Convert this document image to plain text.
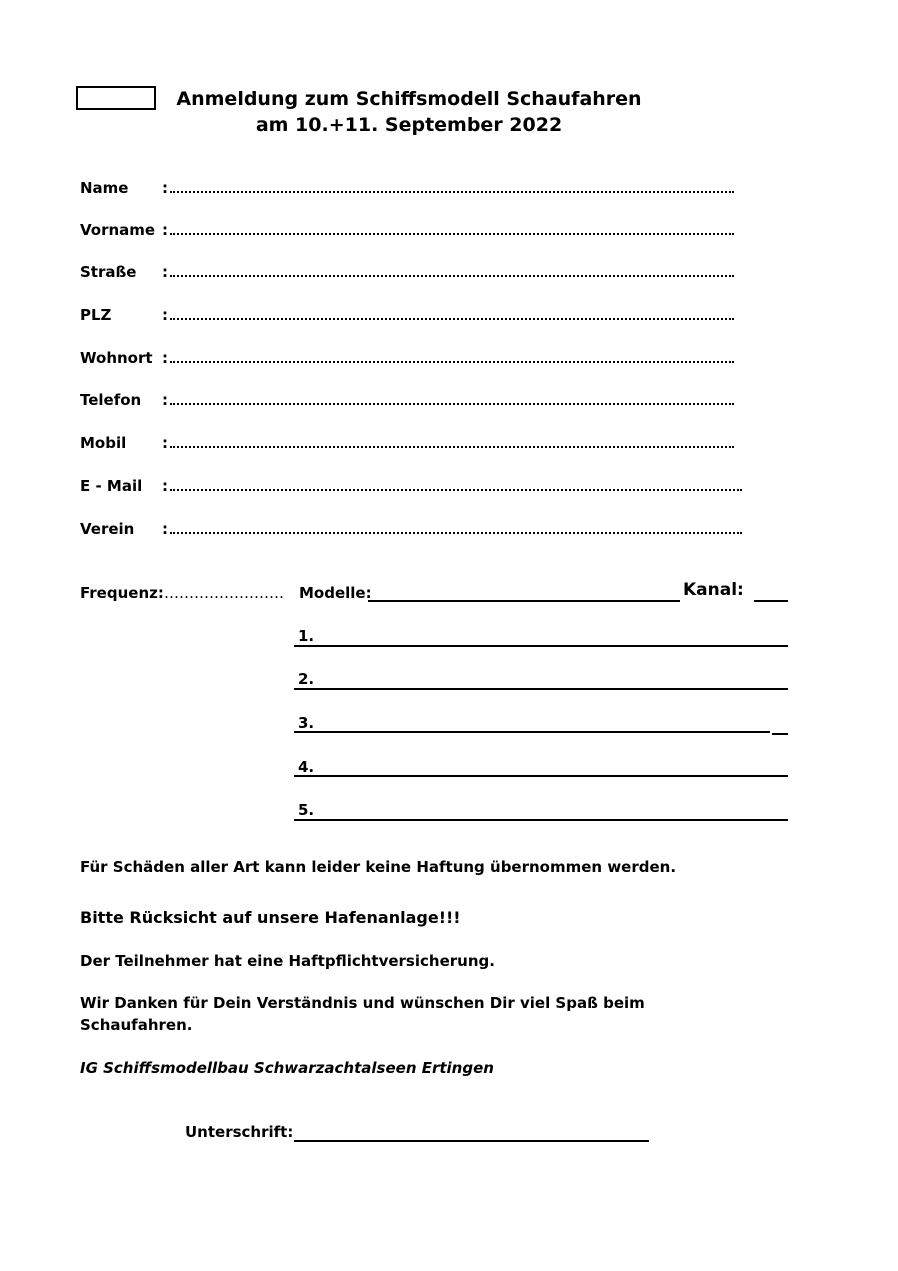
Anmeldung zum Schiffsmodell Schaufahren
am 10.+11. September 2022
Name :
Vorname :
Straße :
PLZ	:
Wohnort :
Telefon :
Mobil :
E - Mail :
Verein :
Frequenz: …………………… Modelle:	Kanal:
1.
2.
3.
4.
5.
Für Schäden aller Art kann leider keine Haftung übernommen werden.
Bitte Rücksicht auf unsere Hafenanlage!!!
Der Teilnehmer hat eine Haftpflichtversicherung.
Wir Danken für Dein Verständnis und wünschen Dir viel Spaß beim
Schaufahren.
IG Schiffsmodellbau Schwarzachtalseen Ertingen
Unterschrift:
